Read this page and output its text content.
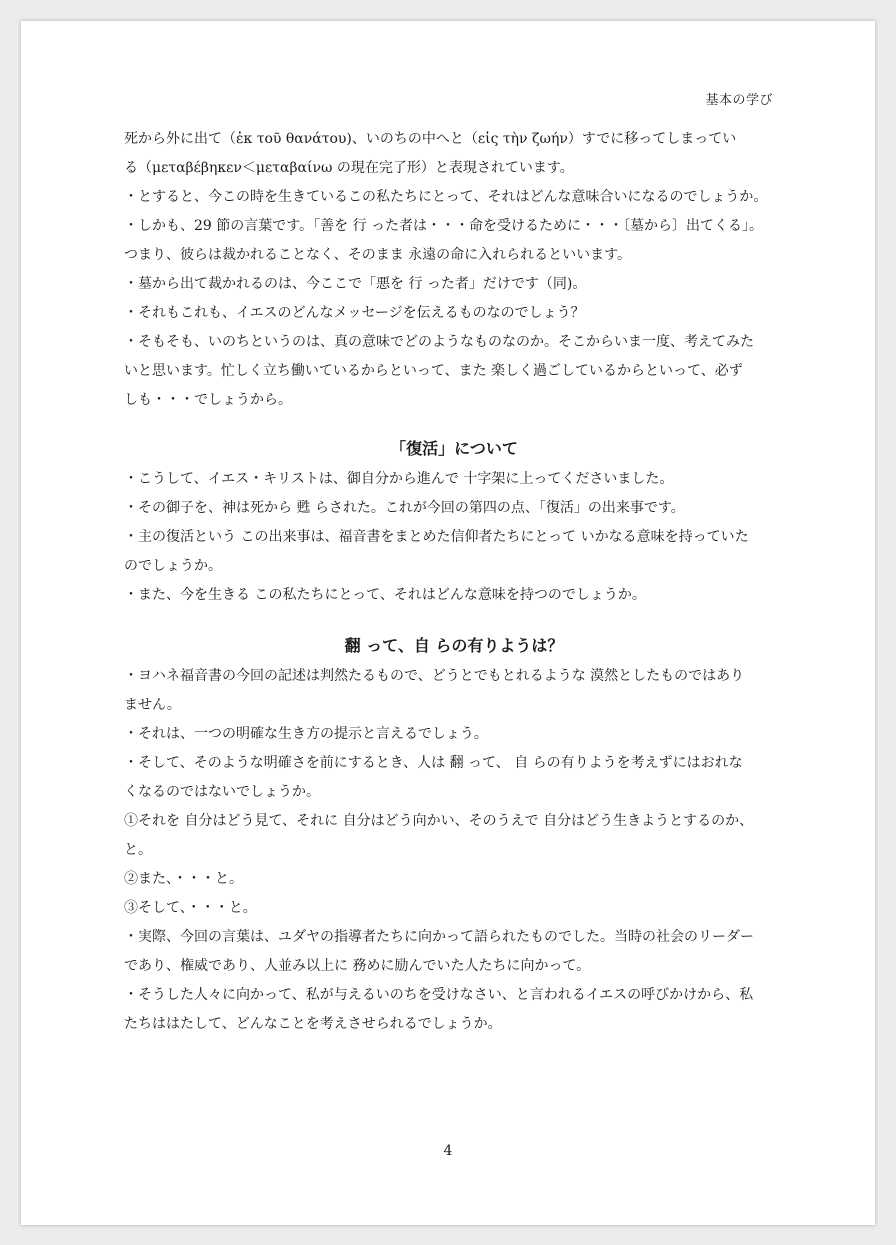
基本の学び
死から外に出て（ἐκ τοῦ θανάτου)、いのちの中へと（εἰς τὴν ζωήν）すでに移ってしまってい
る（μεταβέβηκεν＜μεταβαίνω の現在完了形）と表現されています。
・とすると、今この時を生きているこの私たちにとって、それはどんな意味合いになるのでしょうか。
・しかも、29 節の言葉です。「善を 行 った者は・・・命を受けるために・・・〔墓から〕出てくる」。
つまり、彼らは裁かれることなく、そのまま 永遠の命に入れられるといいます。
・墓から出て裁かれるのは、今ここで「悪を 行 った者」だけです（同)。
・それもこれも、イエスのどんなメッセージを伝えるものなのでしょう？
・そもそも、いのちというのは、真の意味でどのようなものなのか。そこからいま一度、考えてみた
いと思います。忙しく立ち働いているからといって、また 楽しく過ごしているからといって、必ず
しも・・・でしょうから。
「復活」について
・こうして、イエス・キリストは、御自分から進んで 十字架に上ってくださいました。
・その御子を、神は死から 甦 らされた。これが今回の第四の点、「復活」の出来事です。
・主の復活という この出来事は、福音書をまとめた信仰者たちにとって いかなる意味を持っていた
のでしょうか。
・また、今を生きる この私たちにとって、それはどんな意味を持つのでしょうか。
翻 って、自 らの有りようは？
・ヨハネ福音書の今回の記述は判然たるもので、どうとでもとれるような 漠然としたものではあり
ません。
・それは、一つの明確な生き方の提示と言えるでしょう。
・そして、そのような明確さを前にするとき、人は 翻 って、 自 らの有りようを考えずにはおれな
くなるのではないでしょうか。
①それを 自分はどう見て、それに 自分はどう向かい、そのうえで 自分はどう生きようとするのか、
と。
②また、・・・と。
③そして、・・・と。
・実際、今回の言葉は、ユダヤの指導者たちに向かって語られたものでした。当時の社会のリーダー
であり、権威であり、人並み以上に 務めに励んでいた人たちに向かって。
・そうした人々に向かって、私が与えるいのちを受けなさい、と言われるイエスの呼びかけから、私
たちははたして、どんなことを考えさせられるでしょうか。
4
